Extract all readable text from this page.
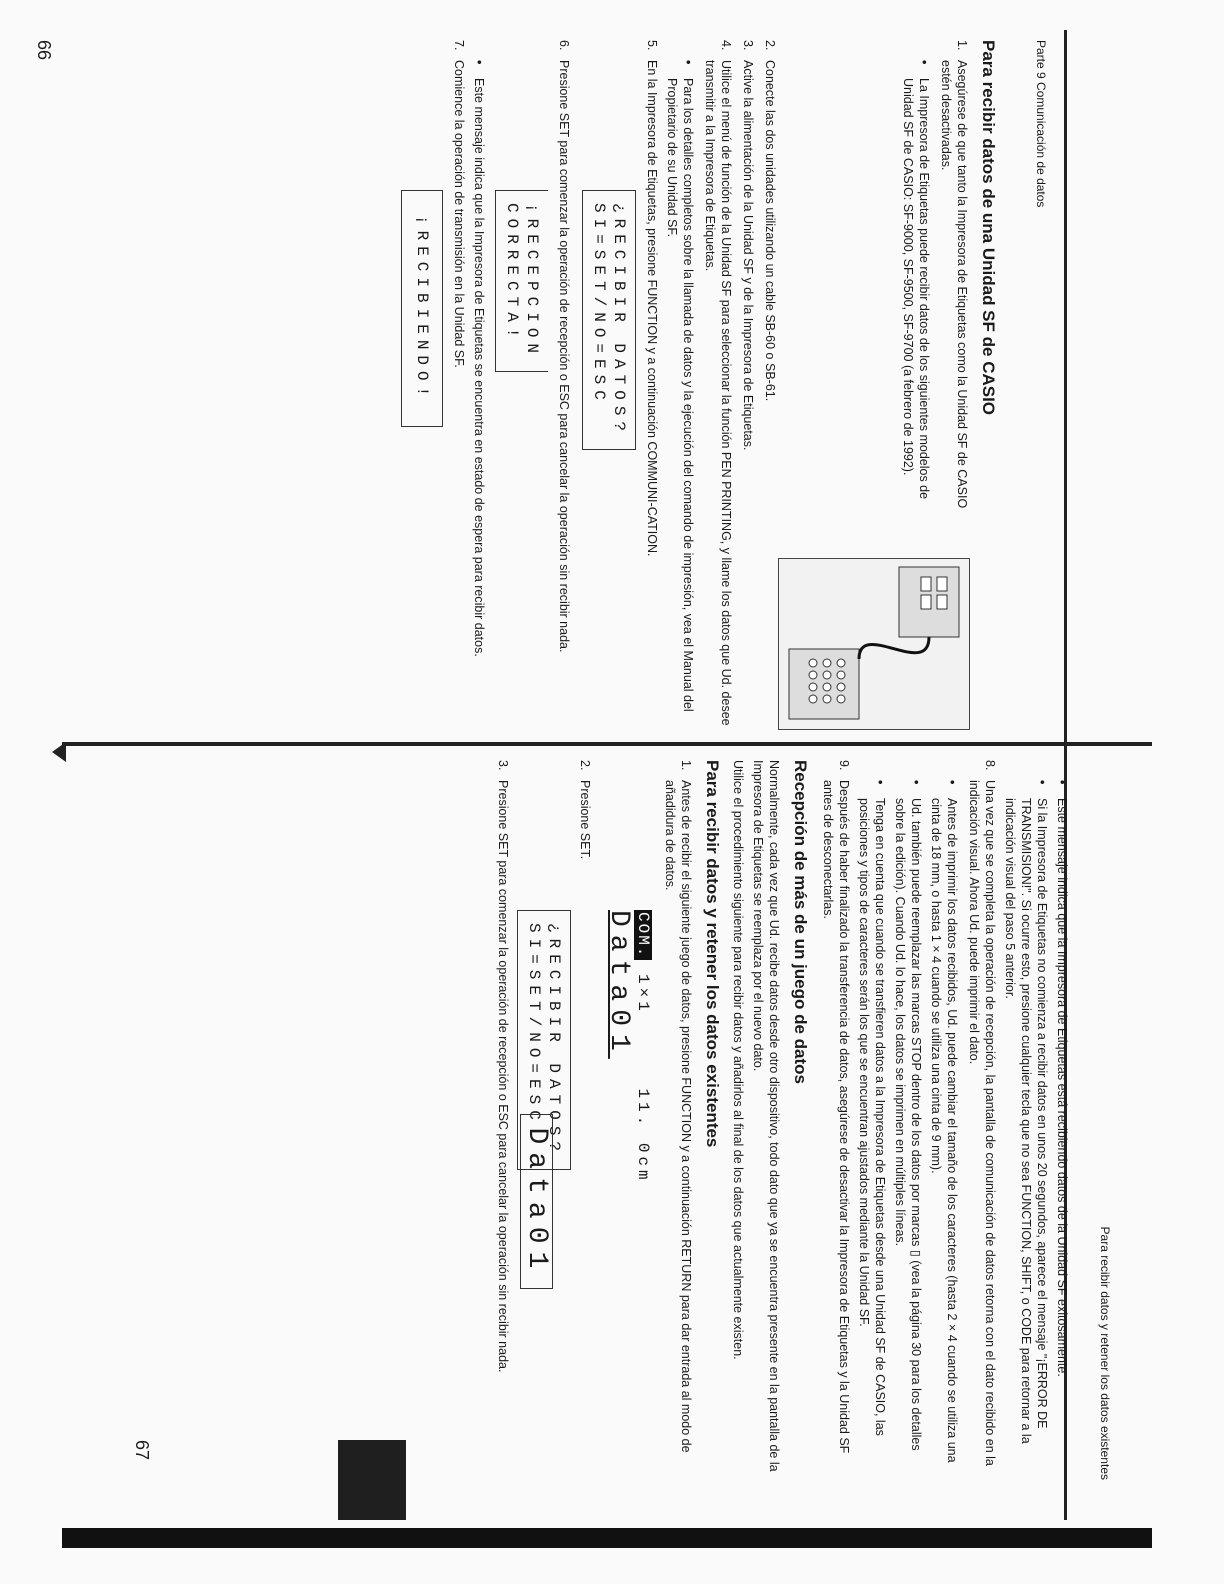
Parte 9 Comunicación de datos
Para recibir datos de una Unidad SF de CASIO
1.
Asegúrese de que tanto la Impresora de Etiquetas como la Unidad SF de CASIO estén desactivadas.
•
La Impresora de Etiquetas puede recibir datos de los siguientes modelos de Unidad SF de CASIO: SF-9000, SF-9500, SF-9700 (a febrero de 1992).
2.
Conecte las dos unidades utilizando un cable SB-60 o SB-61.
3.
Active la alimentación de la Unidad SF y de la Impresora de Etiquetas.
4.
Utilice el menú de función de la Unidad SF para seleccionar la función PEN PRINTING, y llame los datos que Ud. desee transmitir a la Impresora de Etiquetas.
•
Para los detalles completos sobre la llamada de datos y la ejecución del comando de impresión, vea el Manual del Propietario de su Unidad SF.
5.
En la Impresora de Etiquetas, presione FUNCTION y a continuación COMMUNI-CATION.
¿RECIBIR DATOS?
SI=SET/NO=ESC
6.
Presione SET para comenzar la operación de recepción o ESC para cancelar la operación sin recibir nada.
¡RECEPCION
CORRECTA!
•
Este mensaje indica que la Impresora de Etiquetas se encuentra en estado de espera para recibir datos.
7.
Comience la operación de transmisión en la Unidad SF.
¡RECIBIENDO!
66
Para recibir datos y retener los datos existentes
•
Este mensaje indica que la Impresora de Etiquetas está recibiendo datos de la Unidad SF exitosamente.
•
Si la Impresora de Etiquetas no comienza a recibir datos en unos 20 segundos, aparece el mensaje "¡ERROR DE TRANSMISION!". Si ocurre esto, presione cualquier tecla que no sea FUNCTION, SHIFT, o CODE para retornar a la indicación visual del paso 5 anterior.
8.
Una vez que se completa la operación de recepción, la pantalla de comunicación de datos retorna con el dato recibido en la indicación visual. Ahora Ud. puede imprimir el dato.
•
Antes de imprimir los datos recibidos, Ud. puede cambiar el tamaño de los caracteres (hasta 2 × 4 cuando se utiliza una cinta de 18 mm, o hasta 1 × 4 cuando se utiliza una cinta de 9 mm).
•
Ud. también puede reemplazar las marcas STOP dentro de los datos por marcas ▯ (vea la página 30 para los detalles sobre la edición). Cuando Ud. lo hace, los datos se imprimen en múltiples líneas.
•
Tenga en cuenta que cuando se transfieren datos a la Impresora de Etiquetas desde una Unidad SF de CASIO, las posiciones y tipos de caracteres serán los que se encuentran ajustados mediante la Unidad SF.
9.
Después de haber finalizado la transferencia de datos, asegúrese de desactivar la Impresora de Etiquetas y la Unidad SF antes de desconectarlas.
Recepción de más de un juego de datos

Normalmente, cada vez que Ud. recibe datos desde otro dispositivo, todo dato que ya se encuentra presente en la pantalla de la Impresora de Etiquetas se reemplaza por el nuevo dato.

Utilice el procedimiento siguiente para recibir datos y añadirlos al final de los datos que actualmente existen.

Para recibir datos y retener los datos existentes
1.
Antes de recibir el siguiente juego de datos, presione FUNCTION y a continuación RETURN para dar entrada al modo de añadidura de datos.
COM. 1×1 11. 0cm
Data01
2.
Presione SET.
¿RECIBIR DATOS?
SI=SET/NO=ESC Data01
3.
Presione SET para comenzar la operación de recepción o ESC para cancelar la operación sin recibir nada.
67
